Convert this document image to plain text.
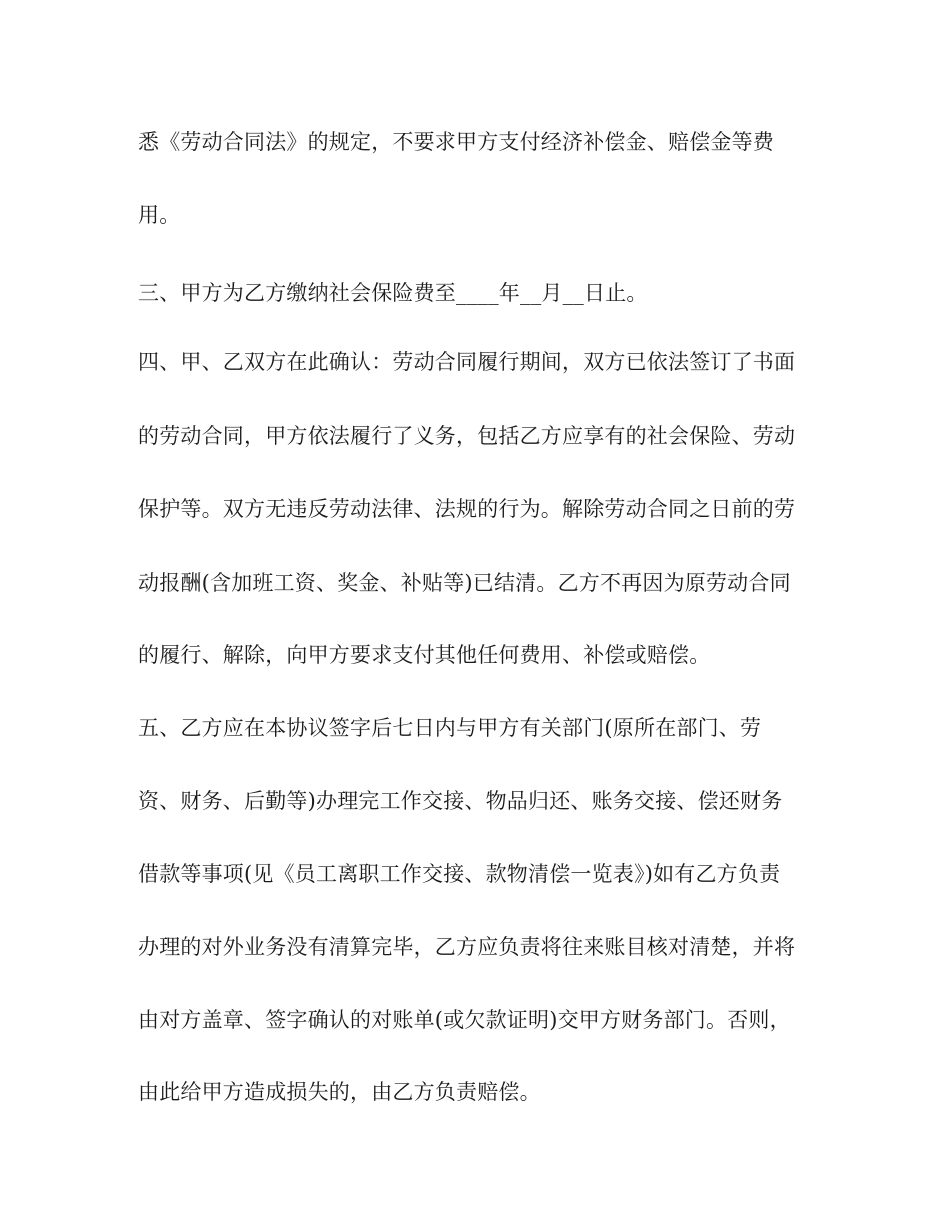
悉《劳动合同法》的规定，不要求甲方支付经济补偿金、赔偿金等费
用。
三、甲方为乙方缴纳社会保险费至____年__月__日止。
四、甲、乙双方在此确认：劳动合同履行期间，双方已依法签订了书面
的劳动合同，甲方依法履行了义务，包括乙方应享有的社会保险、劳动
保护等。双方无违反劳动法律、法规的行为。解除劳动合同之日前的劳
动报酬(含加班工资、奖金、补贴等)已结清。乙方不再因为原劳动合同
的履行、解除，向甲方要求支付其他任何费用、补偿或赔偿。
五、乙方应在本协议签字后七日内与甲方有关部门(原所在部门、劳
资、财务、后勤等)办理完工作交接、物品归还、账务交接、偿还财务
借款等事项(见《员工离职工作交接、款物清偿一览表》)如有乙方负责
办理的对外业务没有清算完毕，乙方应负责将往来账目核对清楚，并将
由对方盖章、签字确认的对账单(或欠款证明)交甲方财务部门。否则，
由此给甲方造成损失的，由乙方负责赔偿。
